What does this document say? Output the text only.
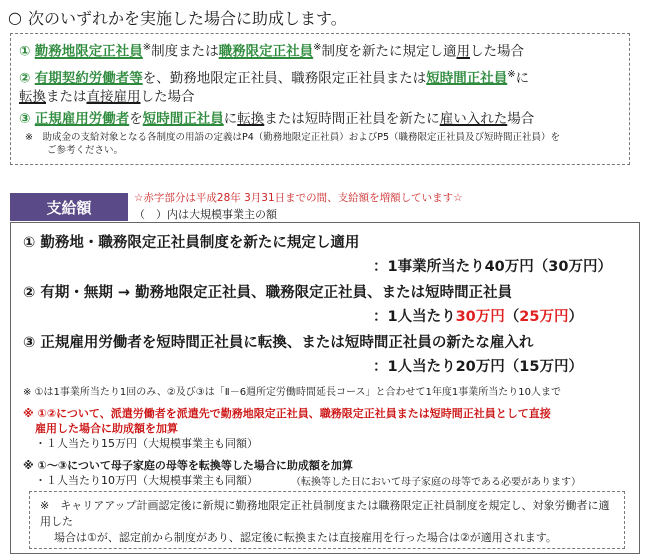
○ 次のいずれかを実施した場合に助成します。
① 勤務地限定正社員※制度または職務限定正社員※制度を新たに規定し適用した場合
② 有期契約労働者等を、勤務地限定正社員、職務限定正社員または短時間正社員※に
転換または直接雇用した場合
③ 正規雇用労働者を短時間正社員に転換または短時間正社員を新たに雇い入れた場合
※　助成金の支給対象となる各制度の用語の定義はP4（勤務地限定正社員）およびP5（職務限定正社員及び短時間正社員）を
ご参考ください。
支給額
☆赤字部分は平成28年 3月31日までの間、支給額を増額しています☆
（　）内は大規模事業主の額
① 勤務地・職務限定正社員制度を新たに規定し適用
：1事業所当たり40万円（30万円）
② 有期・無期 → 勤務地限定正社員、職務限定正社員、または短時間正社員
：1人当たり30万円（25万円）
③ 正規雇用労働者を短時間正社員に転換、または短時間正社員の新たな雇入れ
：1人当たり20万円（15万円）
※ ①は1事業所当たり1回のみ、②及び③は「Ⅱ－6週所定労働時間延長コース」と合わせて1年度1事業所当たり10人まで
※ ①②について、派遣労働者を派遣先で勤務地限定正社員、職務限定正社員または短時間正社員として直接
雇用した場合に助成額を加算
・１人当たり15万円（大規模事業主も同額）
※ ①～③について母子家庭の母等を転換等した場合に助成額を加算
・１人当たり10万円（大規模事業主も同額）	（転換等した日において母子家庭の母等である必要があります）
※　キャリアアップ計画認定後に新規に勤務地限定正社員制度または職務限定正社員制度を規定し、対象労働者に適用した
場合は①が、認定前から制度があり、認定後に転換または直接雇用を行った場合は②が適用されます。
